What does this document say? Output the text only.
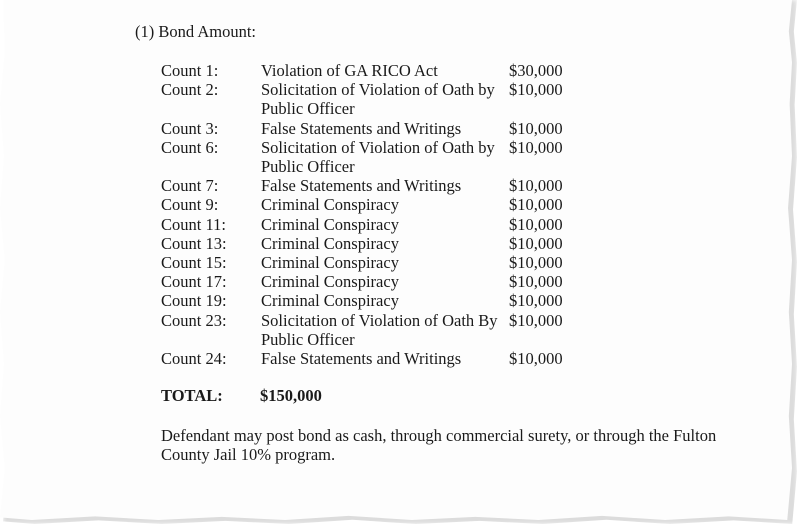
(1) Bond Amount:
Count 1:	Violation of GA RICO Act	$30,000
Count 2:	Solicitation of Violation of Oath by Public Officer
$10,000
Count 3:	False Statements and Writings	$10,000
Count 6:	Solicitation of Violation of Oath by Public Officer
$10,000
Count 7:	False Statements and Writings	$10,000
Count 9:	Criminal Conspiracy	$10,000
Count 11:	Criminal Conspiracy	$10,000
Count 13:	Criminal Conspiracy	$10,000
Count 15:	Criminal Conspiracy	$10,000
Count 17:	Criminal Conspiracy	$10,000
Count 19:	Criminal Conspiracy	$10,000
Count 23:	Solicitation of Violation of Oath By Public Officer
$10,000
Count 24:	False Statements and Writings	$10,000
TOTAL: $150,000
Defendant may post bond as cash, through commercial surety, or through the Fulton County Jail 10% program.
